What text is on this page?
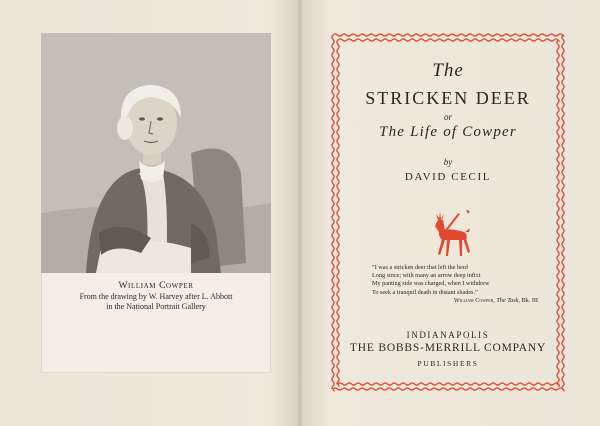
William Cowper
From the drawing by W. Harvey after L. Abbott
in the National Portrait Gallery
The
STRICKEN DEER
or
The Life of Cowper
by
DAVID CECIL
“I was a stricken deer that left the herd
Long since; with many an arrow deep infixt
My panting side was charged, when I withdrew
To seek a tranquil death in distant shades.”
William Cowper, The Task, Bk. III
INDIANAPOLIS
THE BOBBS-MERRILL COMPANY
PUBLISHERS
